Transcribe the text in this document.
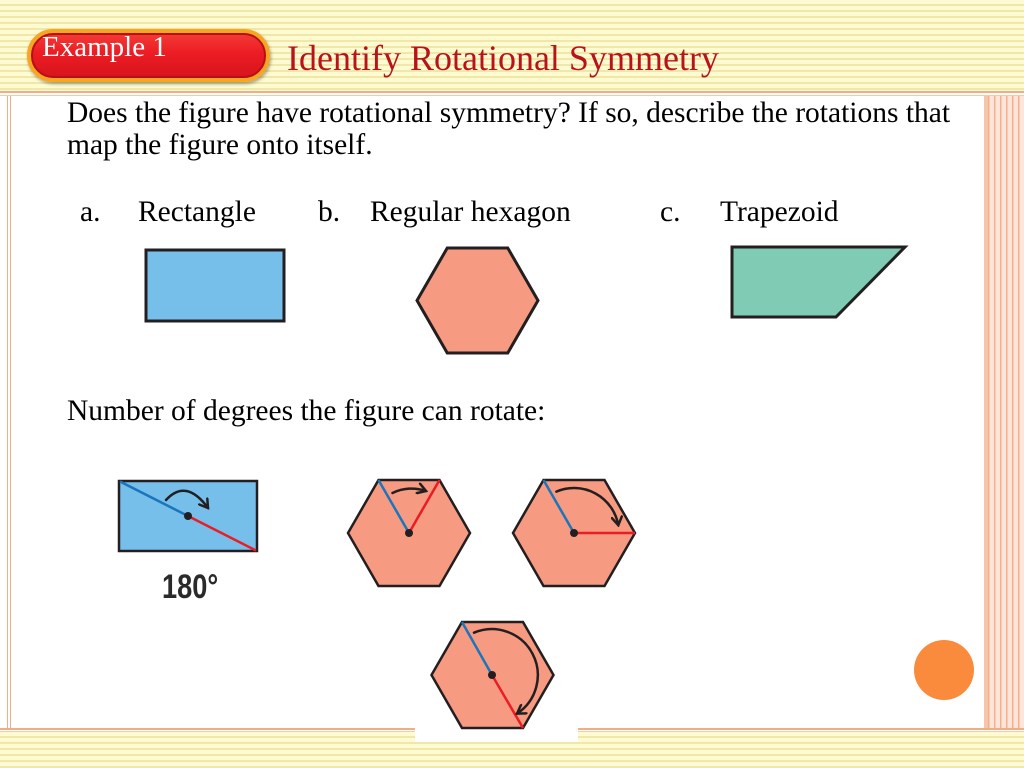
Example 1	Identify Rotational Symmetry
Does the figure have rotational symmetry? If so, describe the rotations that map the figure onto itself.
a. Rectangle b. Regular hexagon	c. Trapezoid
Number of degrees the figure can rotate:
180°
